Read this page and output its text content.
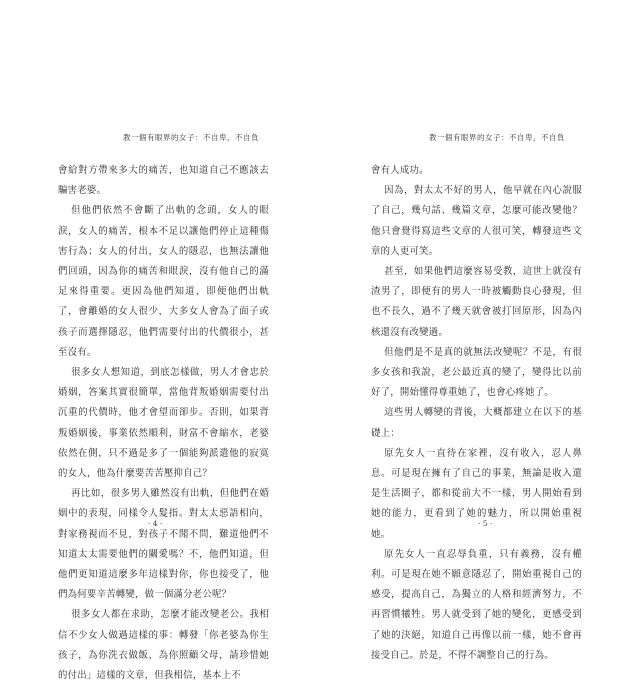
教一個有眼界的女子：不自卑，不自負

會給對方帶來多大的痛苦，也知道自己不應該去騙害老婆。

但他們依然不會斷了出軌的念頭，女人的眼淚，女人的痛苦，根本不足以讓他們停止這種傷害行為；女人的付出，女人的隱忍，也無法讓他們回頭，因為你的痛苦和眼淚，沒有他自己的滿足來得重要。更因為他們知道，即便他們出軌了，會離婚的女人很少，大多女人會為了面子或孩子而選擇隱忍，他們需要付出的代價很小，甚至沒有。

很多女人想知道，到底怎樣做，男人才會忠於婚姻，答案其實很簡單，當他背叛婚姻需要付出沉重的代價時，他才會望而卻步。否則，如果背叛婚姻後，事業依然順利，財富不會縮水，老婆依然在側，只不過是多了一個能夠派遣他的寂寞的女人，他為什麼要苦苦壓抑自己？

再比如，很多男人雖然沒有出軌，但他們在婚姻中的表現，同樣令人髮指。對太太惡語相向，對家務視而不見，對孩子不聞不問，難道他們不知道太太需要他們的關愛嗎？不，他們知道，但他們更知道這麼多年這樣對你，你也接受了，他們為何要辛苦轉變，做一個滿分老公呢？

很多女人都在求助，怎麼才能改變老公。我相信不少女人做過這樣的事：轉發「你老婆為你生孩子，為你洗衣做飯，為你照顧父母，請珍惜她的付出」這樣的文章，但我相信，基本上不

· 4 ·
教一個有眼界的女子：不自卑，不自負

會有人成功。

因為，對太太不好的男人，他早就在內心說服了自己，幾句話、幾篇文章，怎麼可能改變他？他只會覺得寫這些文章的人很可笑，轉發這些文章的人更可笑。

甚至，如果他們這麼容易受教，這世上就沒有渣男了，即便有的男人一時被觸動良心發現，但也不長久，過不了幾天就會被打回原形，因為內核還沒有改變過。

但他們是不是真的就無法改變呢？不是，有很多女孩和我說，老公最近真的變了，變得比以前好了，開始懂得尊重她了，也會心疼她了。

這些男人轉變的背後，大概都建立在以下的基礎上：

原先女人一直待在家裡，沒有收入，忍人鼻息。可是現在擁有了自己的事業，無論是收入還是生活圈子，都和從前大不一樣，男人開始看到她的能力，更看到了她的魅力，所以開始重視她。

原先女人一直忍辱負重，只有義務，沒有權利。可是現在她不願意隱忍了，開始重視自己的感受，提高自己，為獨立的人格和經濟努力，不再習慣犧牲。男人就受到了她的變化，更感受到了她的決絕，知道自己再像以前一樣，她不會再接受自己。於是，不得不調整自己的行為。

· 5 ·
